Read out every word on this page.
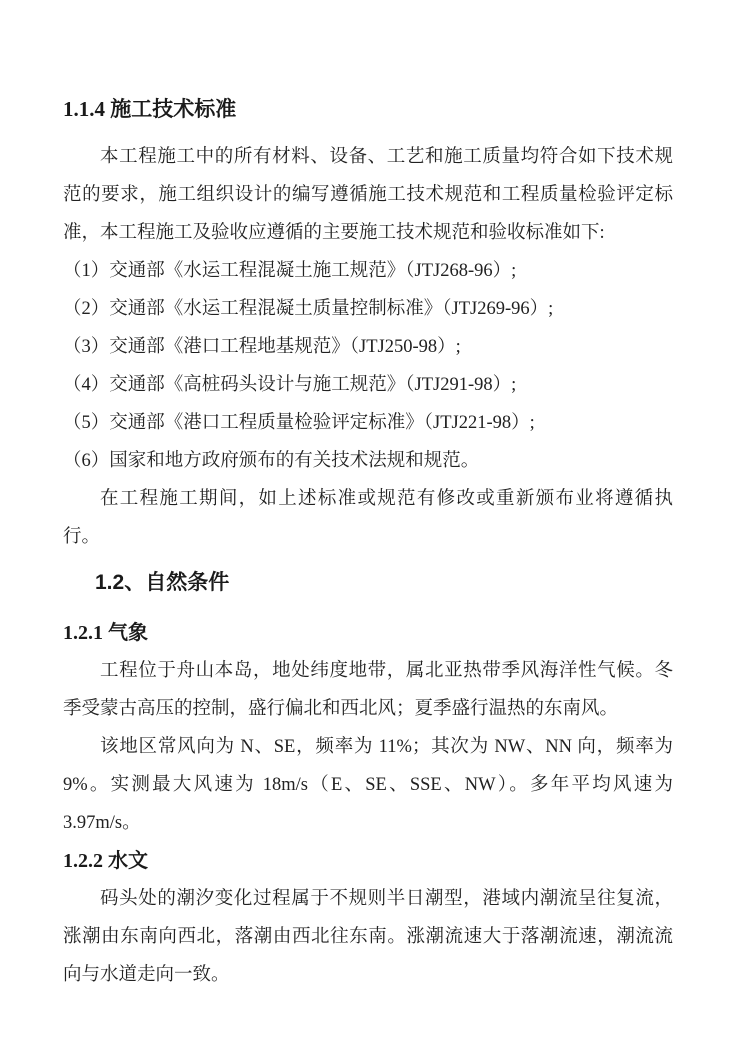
1.1.4 施工技术标准

本工程施工中的所有材料、设备、工艺和施工质量均符合如下技术规范的要求，施工组织设计的编写遵循施工技术规范和工程质量检验评定标准，本工程施工及验收应遵循的主要施工技术规范和验收标准如下:

（1）交通部《水运工程混凝土施工规范》（JTJ268-96）;
（2）交通部《水运工程混凝土质量控制标准》（JTJ269-96）;
（3）交通部《港口工程地基规范》（JTJ250-98）;
（4）交通部《高桩码头设计与施工规范》（JTJ291-98）;
（5）交通部《港口工程质量检验评定标准》（JTJ221-98）;
（6）国家和地方政府颁布的有关技术法规和规范。

在工程施工期间，如上述标准或规范有修改或重新颁布业将遵循执行。

1.2、自然条件
1.2.1 气象

工程位于舟山本岛，地处纬度地带，属北亚热带季风海洋性气候。冬季受蒙古高压的控制，盛行偏北和西北风；夏季盛行温热的东南风。

该地区常风向为 N、SE，频率为 11%；其次为 NW、NN 向，频率为 9%。实测最大风速为 18m/s（E、SE、SSE、NW）。多年平均风速为 3.97m/s。

1.2.2 水文

码头处的潮汐变化过程属于不规则半日潮型，港域内潮流呈往复流，涨潮由东南向西北，落潮由西北往东南。涨潮流速大于落潮流速，潮流流向与水道走向一致。
